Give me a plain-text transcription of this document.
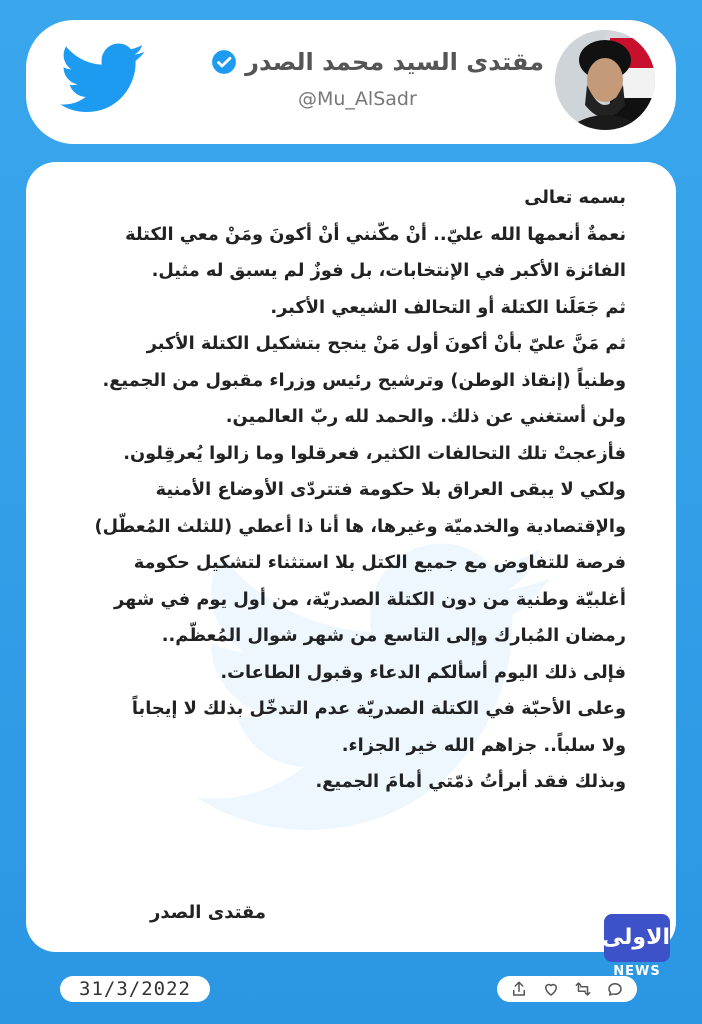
مقتدى السيد محمد الصدر
@Mu_AlSadr

بسمه تعالى

نعمةٌ أنعمها الله عليّ.. أنْ مكّنني أنْ أكونَ ومَنْ معي الكتلة

الفائزة الأكبر في الإنتخابات، بل فوزٌ لم يسبق له مثيل.

ثم جَعَلَنا الكتلة أو التحالف الشيعي الأكبر.

ثم مَنَّ عليّ بأنْ أكونَ أول مَنْ ينجح بتشكيل الكتلة الأكبر

وطنياً (إنقاذ الوطن) وترشيح رئيس وزراء مقبول من الجميع.

ولن أستغني عن ذلك. والحمد لله ربّ العالمين.

فأزعجتْ تلك التحالفات الكثير، فعرقلوا وما زالوا يُعرقِلون.

ولكي لا يبقى العراق بلا حكومة فتتردّى الأوضاع الأمنية

والإقتصادية والخدميّة وغيرها، ها أنا ذا أعطي (للثلث المُعطّل)

فرصة للتفاوض مع جميع الكتل بلا استثناء لتشكيل حكومة

أغلبيّة وطنية من دون الكتلة الصدريّة، من أول يوم في شهر

رمضان المُبارك وإلى التاسع من شهر شوال المُعظّم..

فإلى ذلك اليوم أسألكم الدعاء وقبول الطاعات.

وعلى الأحبّة في الكتلة الصدريّة عدم التدخّل بذلك لا إيجاباً

ولا سلباً.. جزاهم الله خير الجزاء.

وبذلك فقد أبرأتُ ذمّتي أمامَ الجميع.

مقتدى الصدر
31/3/2022
الاولى
NEWS
